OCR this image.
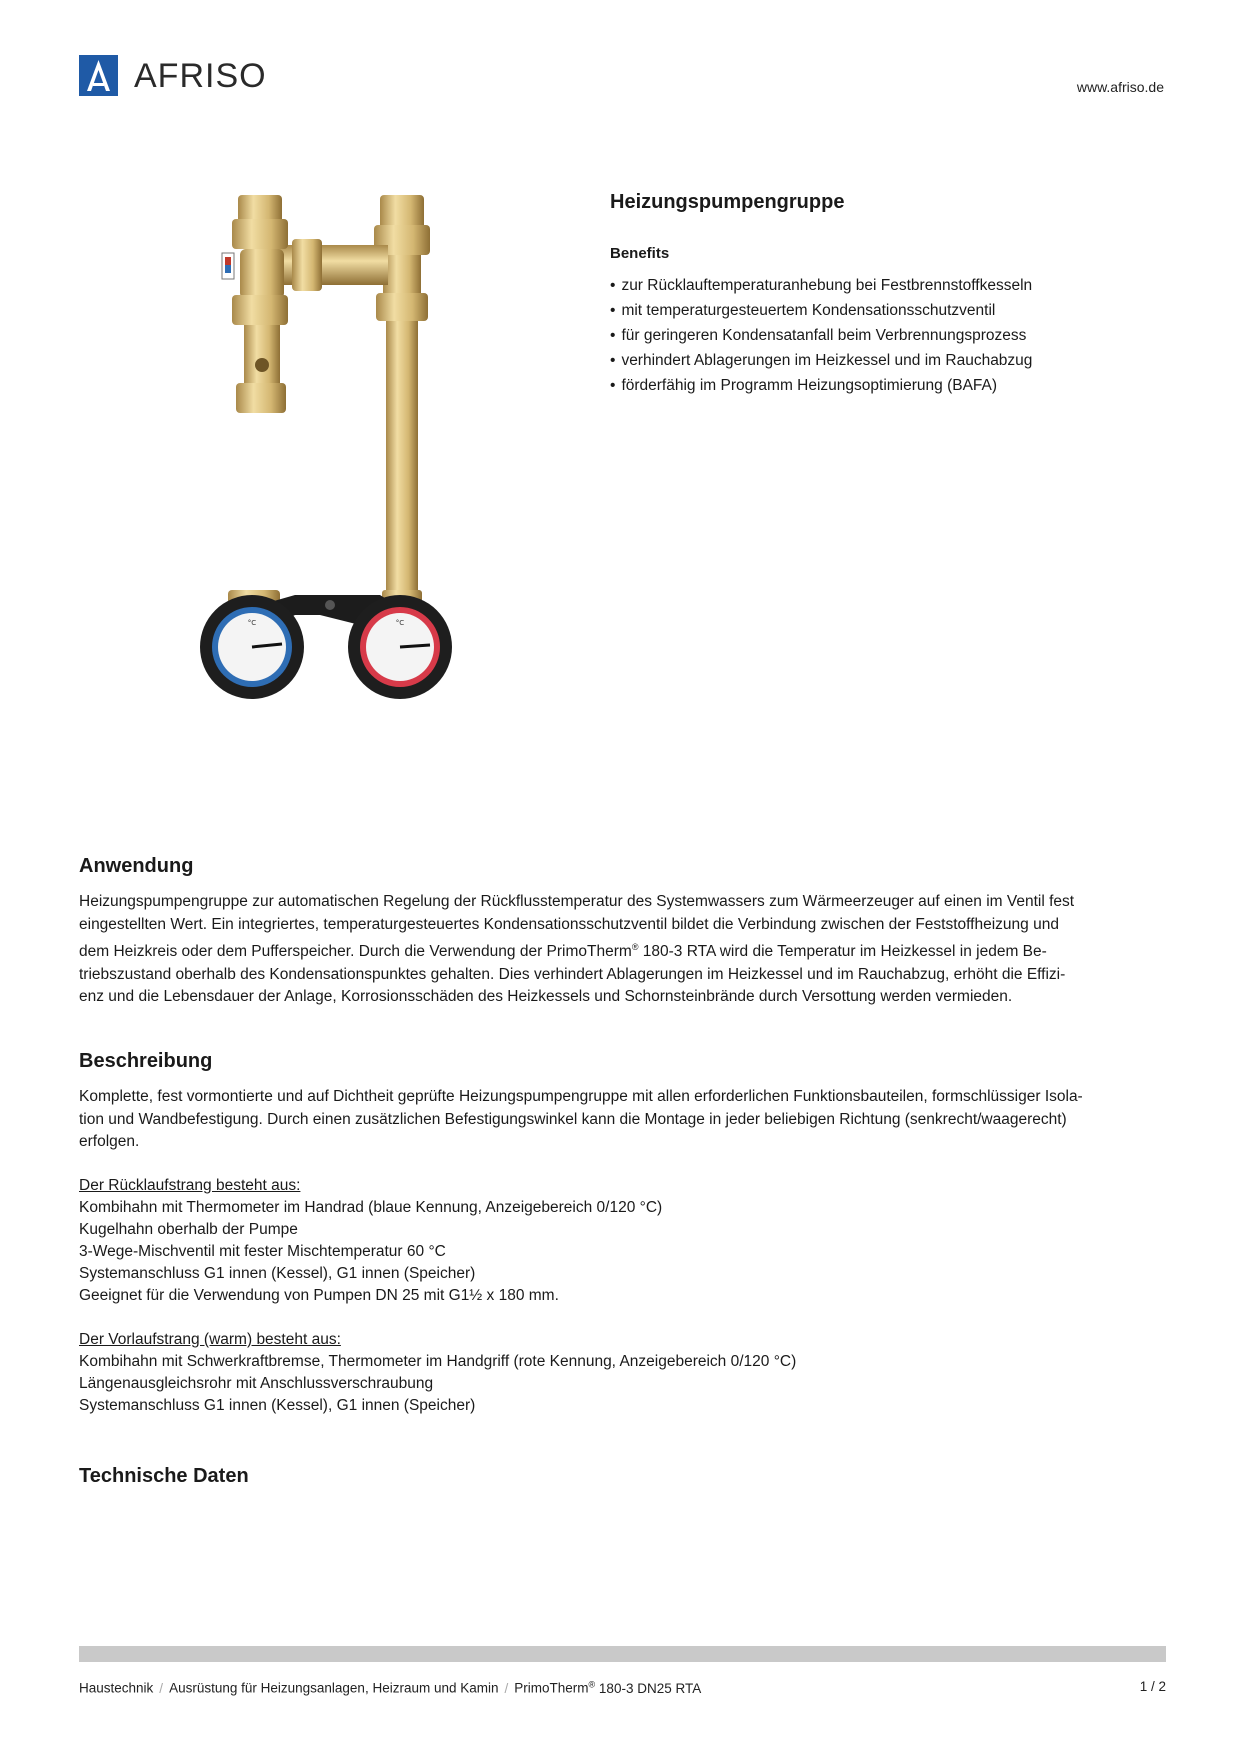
AFRISO	www.afriso.de
°C	°C
Heizungspumpengruppe
Benefits
• zur Rücklauftemperaturanhebung bei Festbrennstoffkesseln
• mit temperaturgesteuertem Kondensationsschutzventil
• für geringeren Kondensatanfall beim Verbrennungsprozess
• verhindert Ablagerungen im Heizkessel und im Rauchabzug
• förderfähig im Programm Heizungsoptimierung (BAFA)
Anwendung
Heizungspumpengruppe zur automatischen Regelung der Rückflusstemperatur des Systemwassers zum Wärmeerzeuger auf einen im Ventil fest
eingestellten Wert. Ein integriertes, temperaturgesteuertes Kondensationsschutzventil bildet die Verbindung zwischen der Feststoffheizung und
dem Heizkreis oder dem Pufferspeicher. Durch die Verwendung der PrimoTherm® 180-3 RTA wird die Temperatur im Heizkessel in jedem Be-
triebszustand oberhalb des Kondensationspunktes gehalten. Dies verhindert Ablagerungen im Heizkessel und im Rauchabzug, erhöht die Effizi-
enz und die Lebensdauer der Anlage, Korrosionsschäden des Heizkessels und Schornsteinbrände durch Versottung werden vermieden.
Beschreibung
Komplette, fest vormontierte und auf Dichtheit geprüfte Heizungspumpengruppe mit allen erforderlichen Funktionsbauteilen, formschlüssiger Isola-
tion und Wandbefestigung. Durch einen zusätzlichen Befestigungswinkel kann die Montage in jeder beliebigen Richtung (senkrecht/waagerecht)
erfolgen.
Der Rücklaufstrang besteht aus:
Kombihahn mit Thermometer im Handrad (blaue Kennung, Anzeigebereich 0/120 °C)
Kugelhahn oberhalb der Pumpe
3-Wege-Mischventil mit fester Mischtemperatur 60 °C
Systemanschluss G1 innen (Kessel), G1 innen (Speicher)
Geeignet für die Verwendung von Pumpen DN 25 mit G1½ x 180 mm.
Der Vorlaufstrang (warm) besteht aus:
Kombihahn mit Schwerkraftbremse, Thermometer im Handgriff (rote Kennung, Anzeigebereich 0/120 °C)
Längenausgleichsrohr mit Anschlussverschraubung
Systemanschluss G1 innen (Kessel), G1 innen (Speicher)
Technische Daten
Haustechnik / Ausrüstung für Heizungsanlagen, Heizraum und Kamin / PrimoTherm® 180-3 DN25 RTA	1 / 2
